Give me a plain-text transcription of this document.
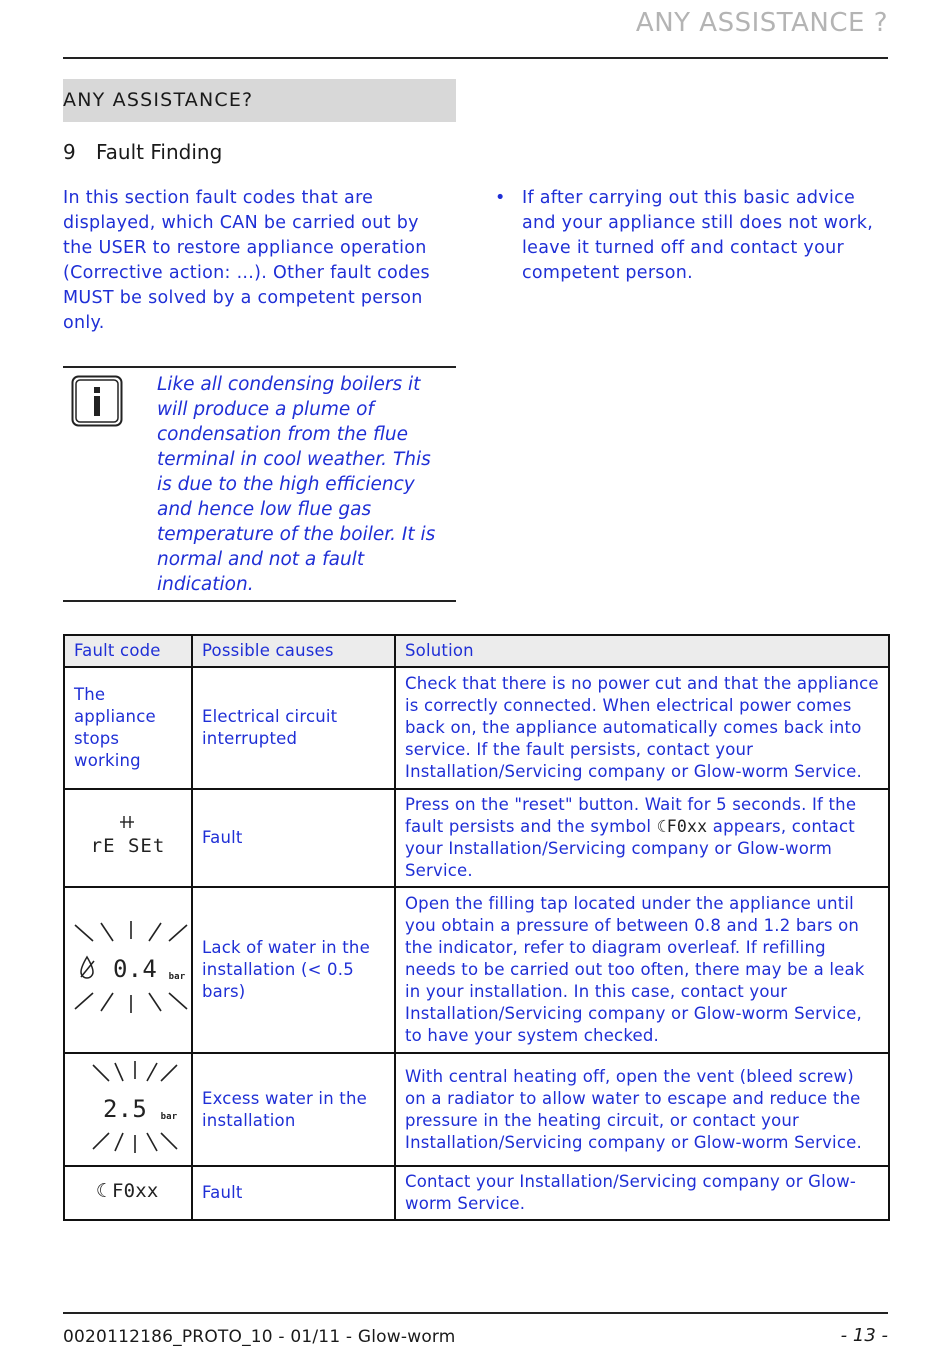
ANY ASSISTANCE ?
ANY ASSISTANCE?
9 Fault Finding
In this section fault codes that are displayed, which CAN be carried out by the USER to restore appliance operation (Corrective action: ...). Other fault codes MUST be solved by a competent person only.
• If after carrying out this basic advice and your appliance still does not work, leave it turned off and contact your competent person.
Like all condensing boilers it will produce a plume of condensation from the flue terminal in cool weather. This is due to the high efficiency and hence low flue gas temperature of the boiler. It is normal and not a fault indication.
Fault code	Possible causes	Solution
The appliance stops working	Electrical circuit interrupted	Check that there is no power cut and that the appliance is correctly connected. When electrical power comes back on, the appliance automatically comes back into service. If the fault persists, contact your Installation/Servicing company or Glow-worm Service.

rE SEt	Fault	Press on the "reset" button. Wait for 5 seconds. If the fault persists and the symbol ☾F0xx appears, contact your Installation/Servicing company or Glow-worm Service.

0.4 bar	Lack of water in the installation (< 0.5 bars)	Open the filling tap located under the appliance until you obtain a pressure of between 0.8 and 1.2 bars on the indicator, refer to diagram overleaf. If refilling needs to be carried out too often, there may be a leak in your installation. In this case, contact your Installation/Servicing company or Glow-worm Service, to have your system checked.

2.5 bar	Excess water in the installation	With central heating off, open the vent (bleed screw) on a radiator to allow water to escape and reduce the pressure in the heating circuit, or contact your Installation/Servicing company or Glow-worm Service.

☾ F0xx	Fault	Contact your Installation/Servicing company or Glow-worm Service.
0020112186_PROTO_10 - 01/11 - Glow-worm	- 13 -
